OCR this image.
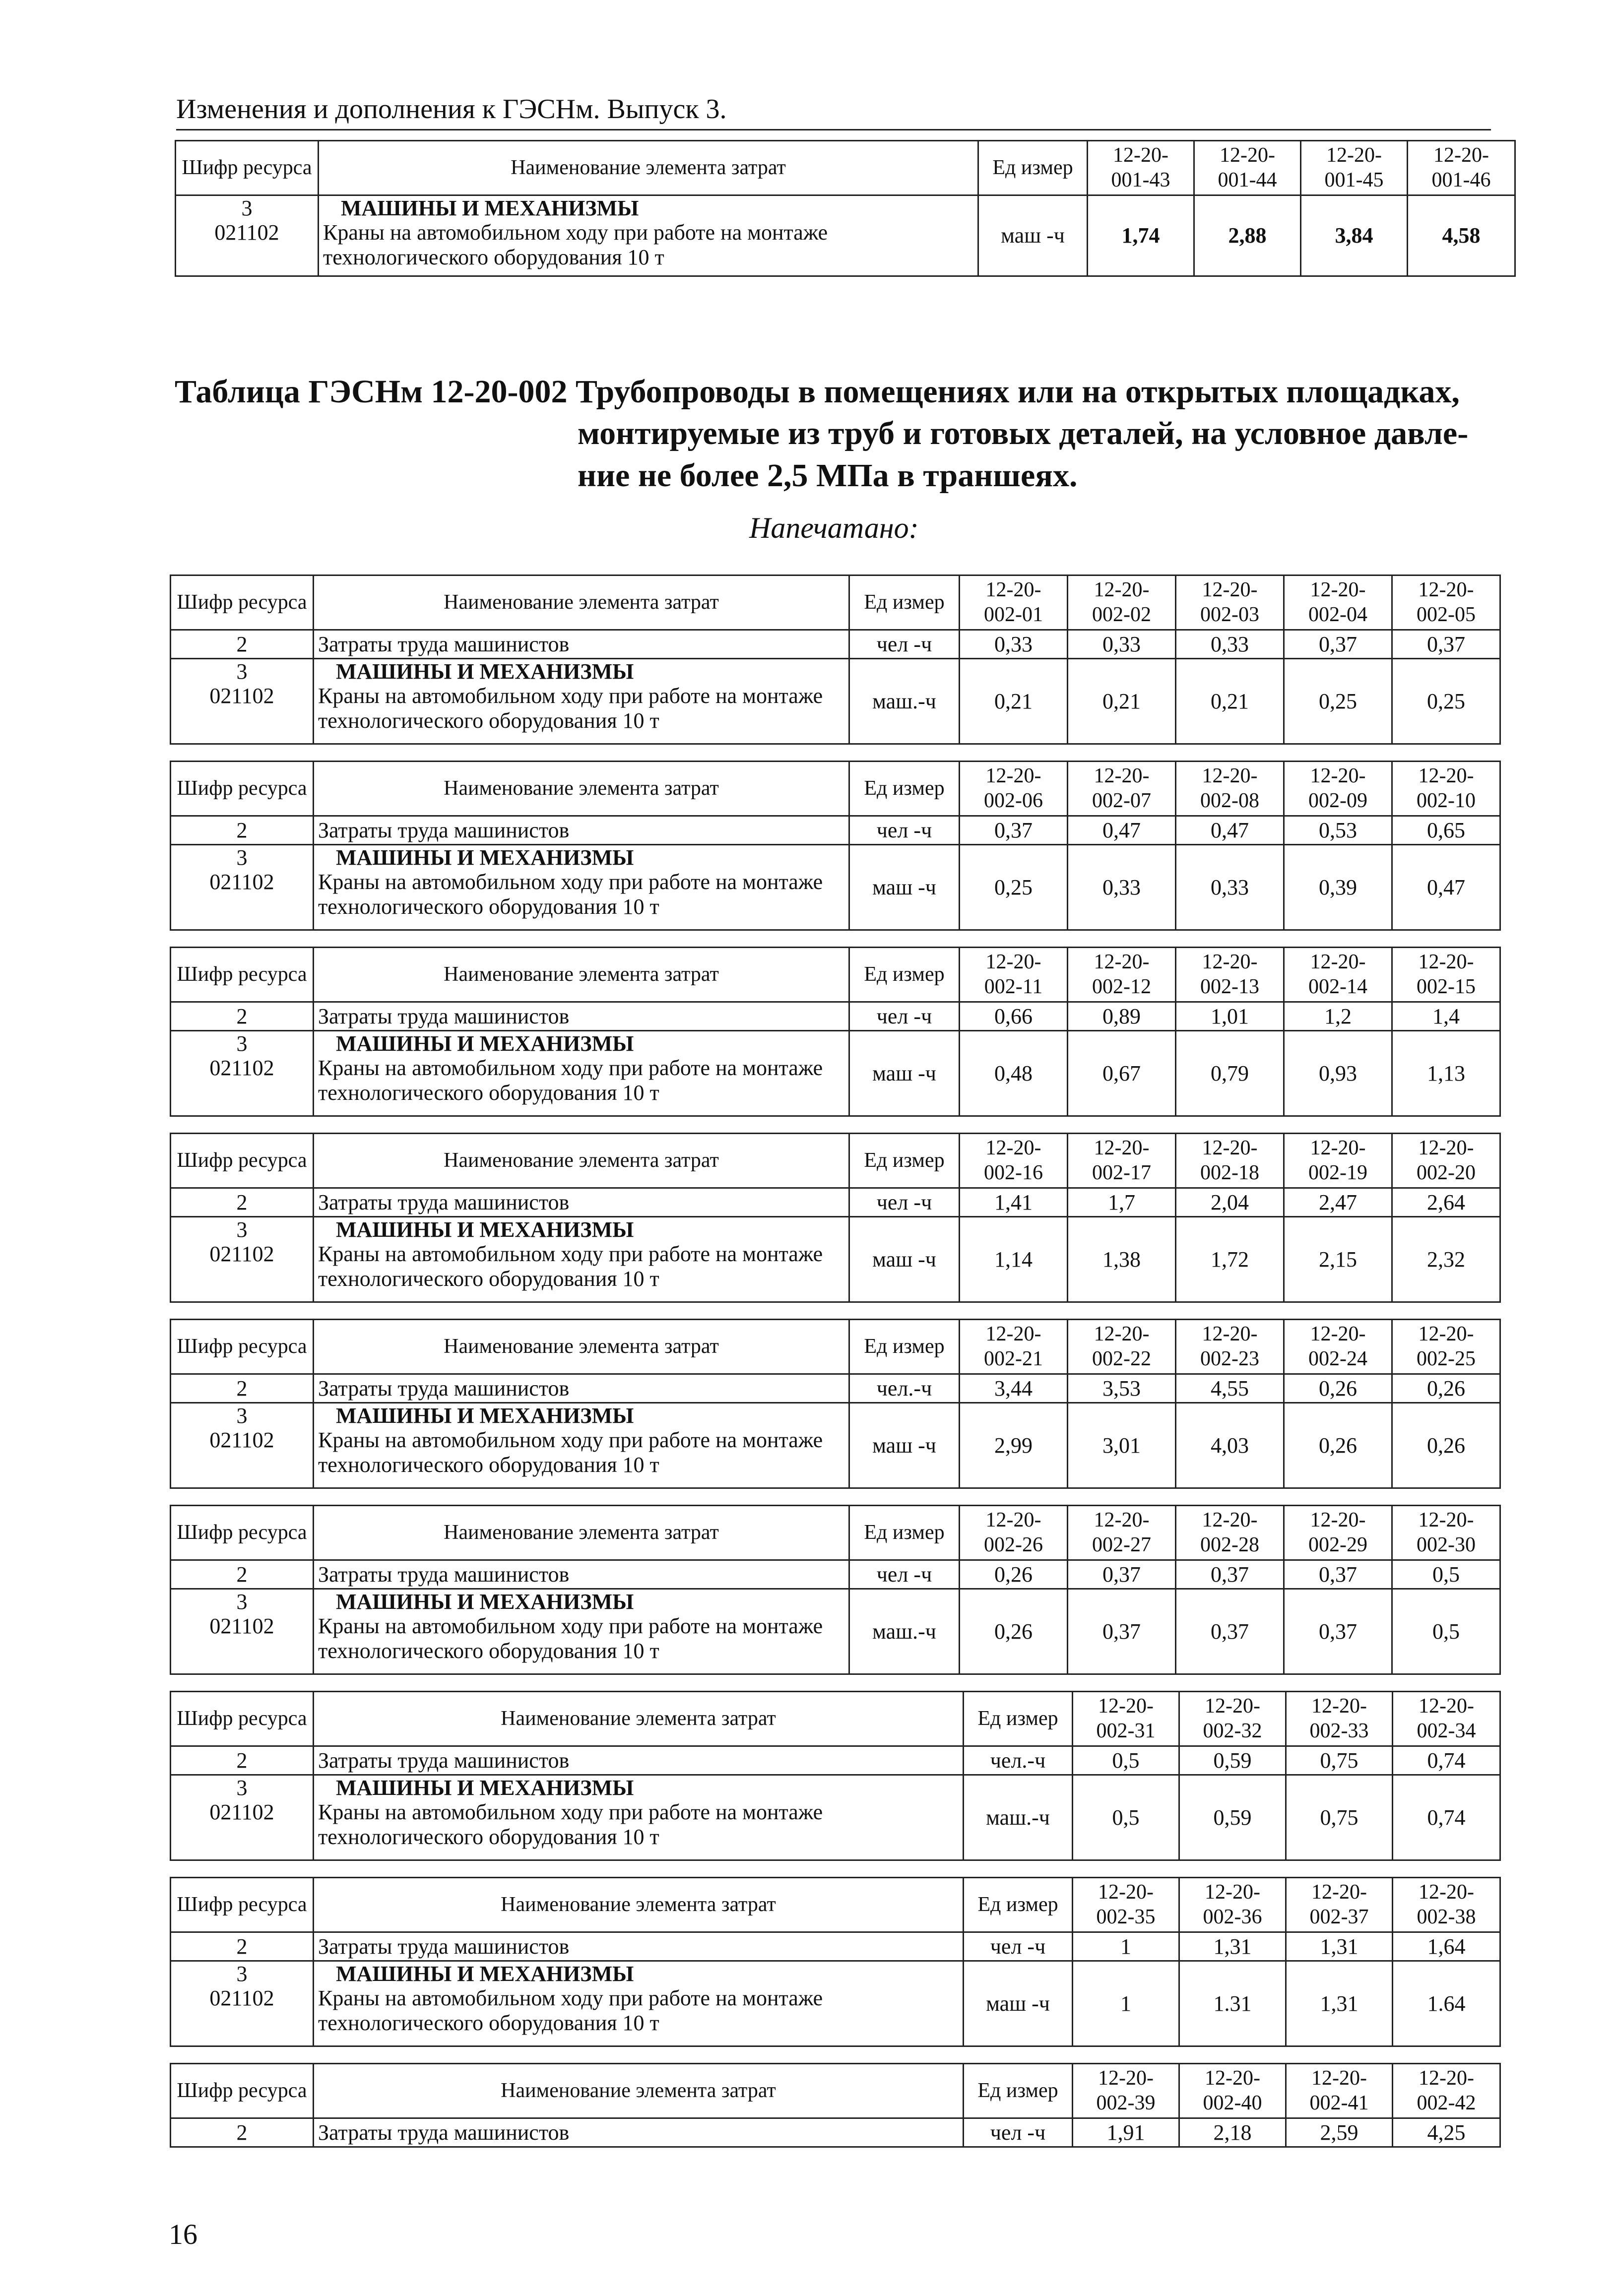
Изменения и дополнения к ГЭСНм. Выпуск 3.
Шифр ресурса	Наименование элемента затрат	Ед измер	12-20-
001-43	12-20-
001-44	12-20-
001-45	12-20-
001-46

3
021102	МАШИНЫ И МЕХАНИЗМЫ
Краны на автомобильном ходу при работе на монтаже технологического оборудования 10 т	маш -ч	1,74	2,88	3,84	4,58
Таблица ГЭСНм 12-20-002 Трубопроводы в помещениях или на открытых площадках,
монтируемые из труб и готовых деталей, на условное давле-ние не более 2,5 МПа в траншеях.
Напечатано:
Шифр ресурса	Наименование элемента затрат	Ед измер	12-20-
002-01	12-20-
002-02	12-20-
002-03	12-20-
002-04	12-20-
002-05

2	Затраты труда машинистов	чел -ч	0,33	0,33	0,33	0,37	0,37

3
021102	МАШИНЫ И МЕХАНИЗМЫ
Краны на автомобильном ходу при работе на монтаже технологического оборудования 10 т	маш.-ч	0,21	0,21	0,21	0,25	0,25
Шифр ресурса	Наименование элемента затрат	Ед измер	12-20-
002-06	12-20-
002-07	12-20-
002-08	12-20-
002-09	12-20-
002-10

2	Затраты труда машинистов	чел -ч	0,37	0,47	0,47	0,53	0,65

3
021102	МАШИНЫ И МЕХАНИЗМЫ
Краны на автомобильном ходу при работе на монтаже технологического оборудования 10 т	маш -ч	0,25	0,33	0,33	0,39	0,47
Шифр ресурса	Наименование элемента затрат	Ед измер	12-20-
002-11	12-20-
002-12	12-20-
002-13	12-20-
002-14	12-20-
002-15

2	Затраты труда машинистов	чел -ч	0,66	0,89	1,01	1,2	1,4

3
021102	МАШИНЫ И МЕХАНИЗМЫ
Краны на автомобильном ходу при работе на монтаже технологического оборудования 10 т	маш -ч	0,48	0,67	0,79	0,93	1,13
Шифр ресурса	Наименование элемента затрат	Ед измер	12-20-
002-16	12-20-
002-17	12-20-
002-18	12-20-
002-19	12-20-
002-20

2	Затраты труда машинистов	чел -ч	1,41	1,7	2,04	2,47	2,64

3
021102	МАШИНЫ И МЕХАНИЗМЫ
Краны на автомобильном ходу при работе на монтаже технологического оборудования 10 т	маш -ч	1,14	1,38	1,72	2,15	2,32
Шифр ресурса	Наименование элемента затрат	Ед измер	12-20-
002-21	12-20-
002-22	12-20-
002-23	12-20-
002-24	12-20-
002-25

2	Затраты труда машинистов	чел.-ч	3,44	3,53	4,55	0,26	0,26

3
021102	МАШИНЫ И МЕХАНИЗМЫ
Краны на автомобильном ходу при работе на монтаже технологического оборудования 10 т	маш -ч	2,99	3,01	4,03	0,26	0,26
Шифр ресурса	Наименование элемента затрат	Ед измер	12-20-
002-26	12-20-
002-27	12-20-
002-28	12-20-
002-29	12-20-
002-30

2	Затраты труда машинистов	чел -ч	0,26	0,37	0,37	0,37	0,5

3
021102	МАШИНЫ И МЕХАНИЗМЫ
Краны на автомобильном ходу при работе на монтаже технологического оборудования 10 т	маш.-ч	0,26	0,37	0,37	0,37	0,5
Шифр ресурса	Наименование элемента затрат	Ед измер	12-20-
002-31	12-20-
002-32	12-20-
002-33	12-20-
002-34

2	Затраты труда машинистов	чел.-ч	0,5	0,59	0,75	0,74

3
021102	МАШИНЫ И МЕХАНИЗМЫ
Краны на автомобильном ходу при работе на монтаже технологического оборудования 10 т	маш.-ч	0,5	0,59	0,75	0,74
Шифр ресурса	Наименование элемента затрат	Ед измер	12-20-
002-35	12-20-
002-36	12-20-
002-37	12-20-
002-38

2	Затраты труда машинистов	чел -ч	1	1,31	1,31	1,64

3
021102	МАШИНЫ И МЕХАНИЗМЫ
Краны на автомобильном ходу при работе на монтаже технологического оборудования 10 т	маш -ч	1	1.31	1,31	1.64
Шифр ресурса	Наименование элемента затрат	Ед измер	12-20-
002-39	12-20-
002-40	12-20-
002-41	12-20-
002-42

2	Затраты труда машинистов	чел -ч	1,91	2,18	2,59	4,25
16
